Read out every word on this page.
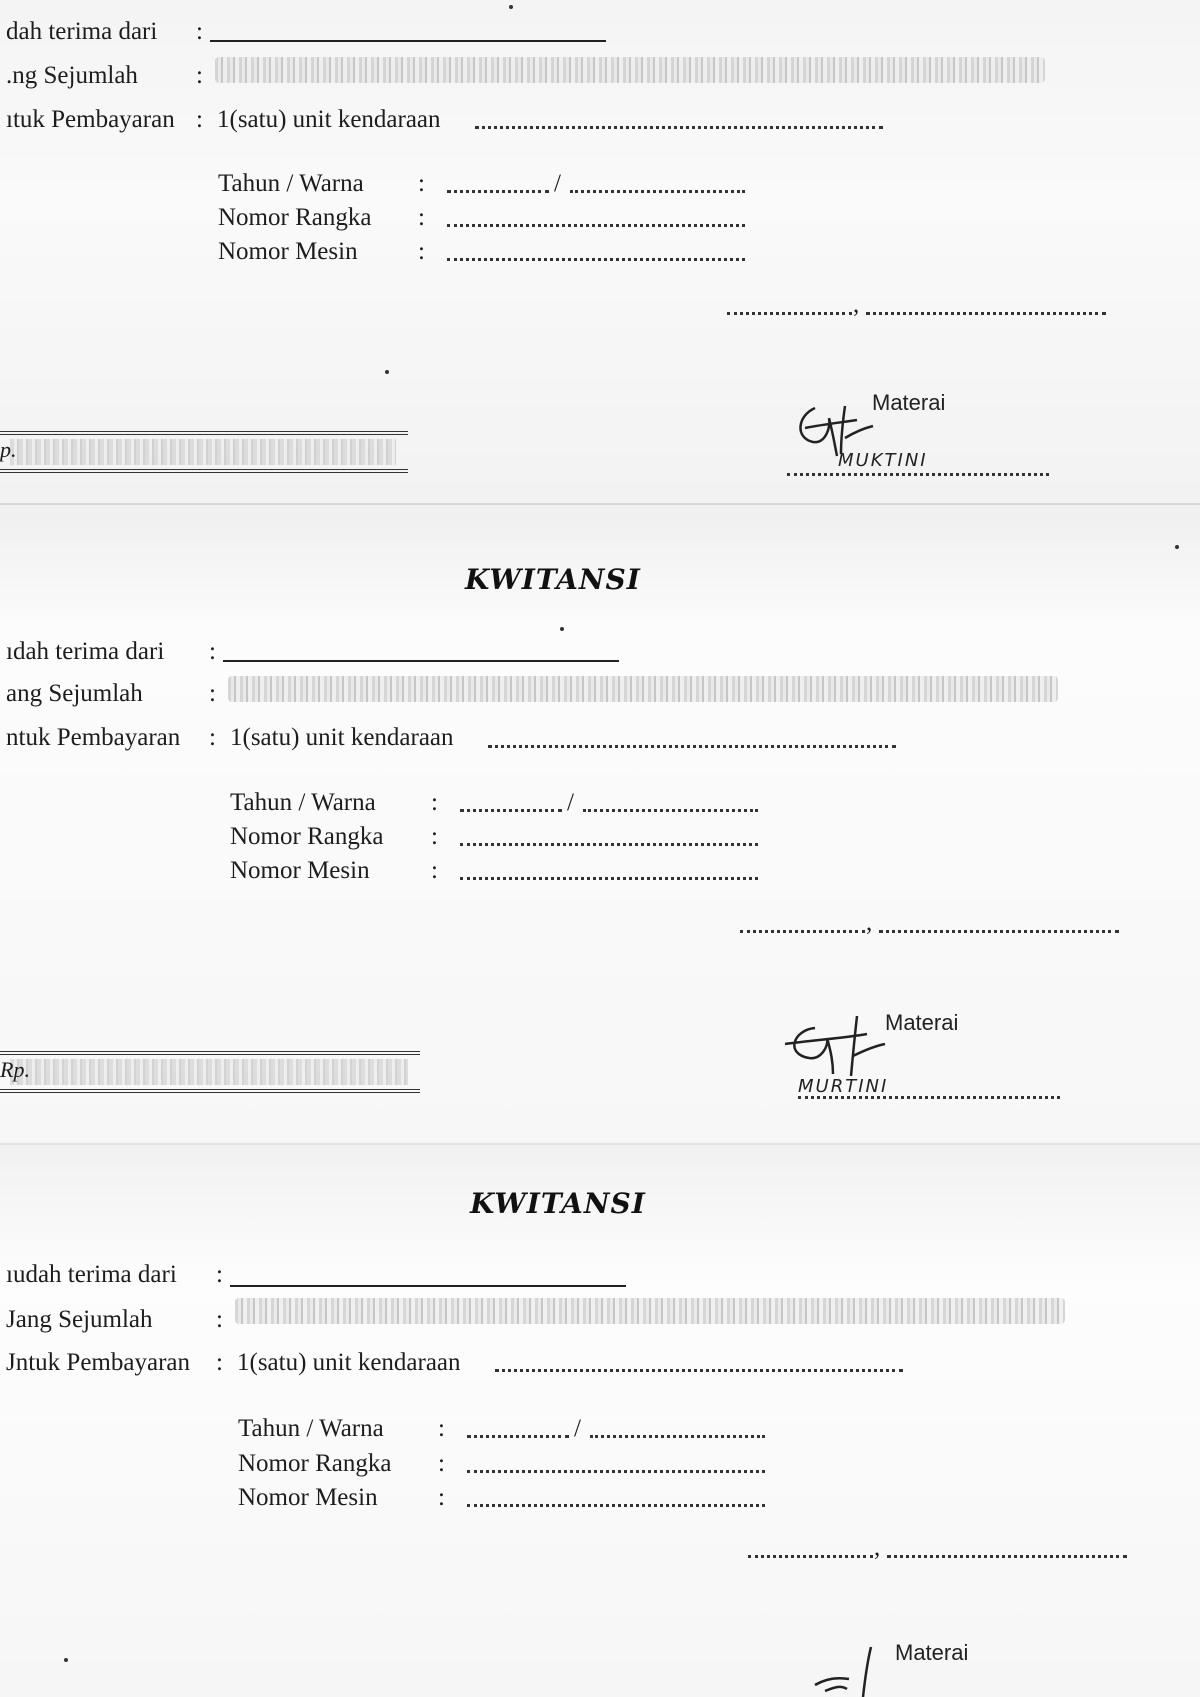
dah terima dari :
.ng Sejumlah :
ıtuk Pembayaran : 1(satu) unit kendaraan
Tahun / Warna :	/
Nomor Rangka :
Nomor Mesin :
,
p.
Materai
MUKTINI
KWITANSI
ıdah terima dari :
ang Sejumlah	:
ntuk Pembayaran : 1(satu) unit kendaraan
Tahun / Warna :	/
Nomor Rangka :
Nomor Mesin :
,
Rp.
Materai
MURTINI
KWITANSI
ıudah terima dari :
Jang Sejumlah	:
Jntuk Pembayaran : 1(satu) unit kendaraan
Tahun / Warna :	/
Nomor Rangka :
Nomor Mesin :
,
Materai
